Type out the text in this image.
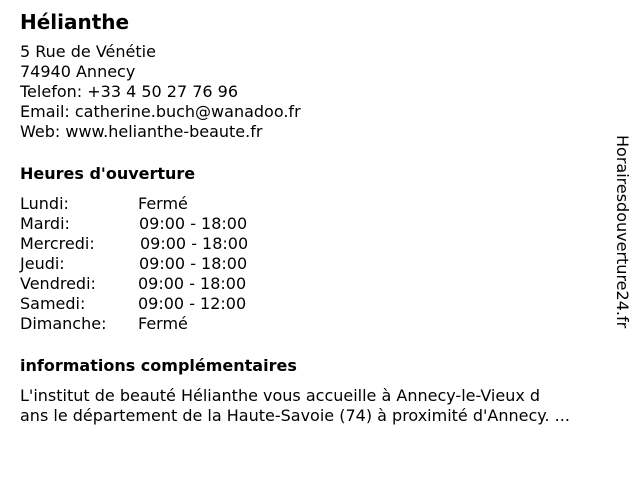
Hélianthe
5 Rue de Vénétie
74940 Annecy
Telefon: +33 4 50 27 76 96
Email: catherine.buch@wanadoo.fr
Web: www.helianthe-beaute.fr
Heures d'ouverture
Lundi:	Fermé
Mardi:	09:00 - 18:00
Mercredi:	09:00 - 18:00
Jeudi:	09:00 - 18:00
Vendredi:	09:00 - 18:00
Samedi:	09:00 - 12:00
Dimanche:	Fermé
informations complémentaires
L'institut de beauté Hélianthe vous accueille à Annecy-le-Vieux d
ans le département de la Haute-Savoie (74) à proximité d'Annecy. ...
Horairesdouverture24.fr
